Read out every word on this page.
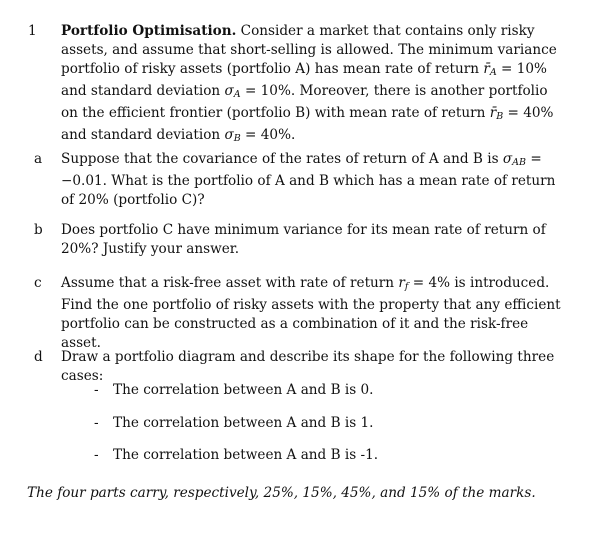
1 Portfolio Optimisation. Consider a market that contains only risky assets, and assume that short-selling is allowed. The minimum variance portfolio of risky assets (portfolio A) has mean rate of return $r̄_A = 10\%$ and standard deviation $\sigma_A = 10\%$. Moreover, there is another portfolio on the efficient frontier (portfolio B) with mean rate of return $r̄_B = 40\%$ and standard deviation $\sigma_B = 40\%$.
a Suppose that the covariance of the rates of return of A and B is $\sigma_{AB} = -0.01$. What is the portfolio of A and B which has a mean rate of return of 20% (portfolio C)?
b Does portfolio C have minimum variance for its mean rate of return of 20%? Justify your answer.
c Assume that a risk-free asset with rate of return $r_f = 4\%$ is introduced. Find the one portfolio of risky assets with the property that any efficient portfolio can be constructed as a combination of it and the risk-free asset.
d Draw a portfolio diagram and describe its shape for the following three cases:
- The correlation between A and B is 0.
- The correlation between A and B is 1.
- The correlation between A and B is -1.
The four parts carry, respectively, 25%, 15%, 45%, and 15% of the marks.
